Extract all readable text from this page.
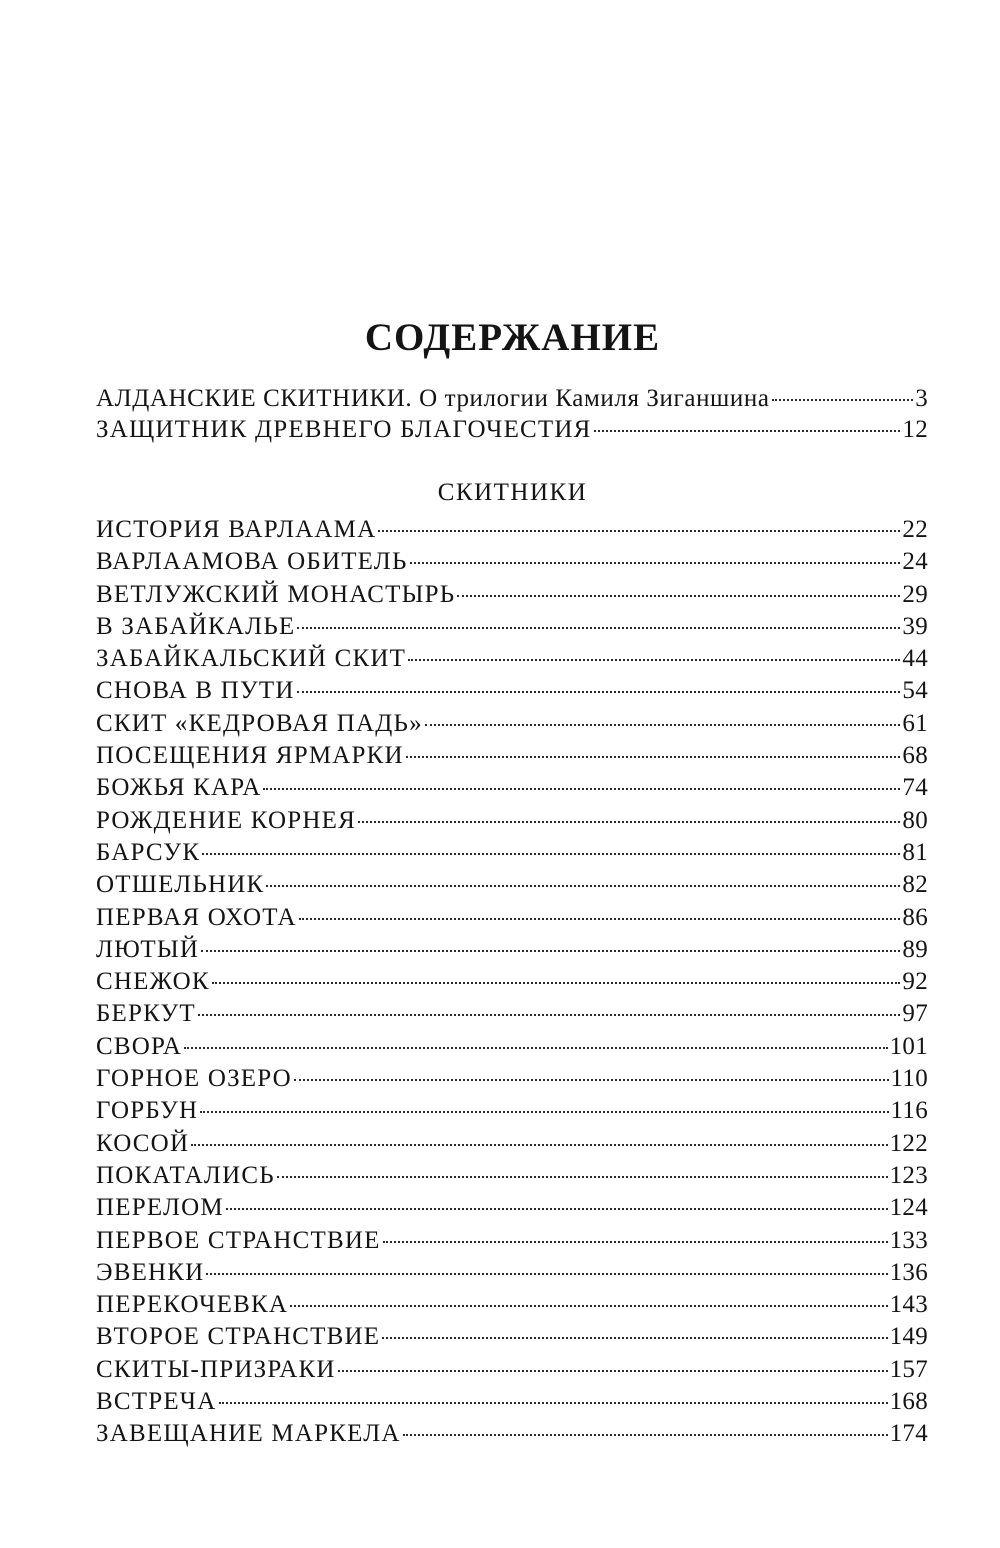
СОДЕРЖАНИЕ
АЛДАНСКИЕ СКИТНИКИ. О трилогии Камиля Зиганшина	3
ЗАЩИТНИК ДРЕВНЕГО БЛАГОЧЕСТИЯ	12
СКИТНИКИ
ИСТОРИЯ ВАРЛААМА	22
ВАРЛААМОВА ОБИТЕЛЬ	24
ВЕТЛУЖСКИЙ МОНАСТЫРЬ	29
В ЗАБАЙКАЛЬЕ	39
ЗАБАЙКАЛЬСКИЙ СКИТ	44
СНОВА В ПУТИ	54
СКИТ «КЕДРОВАЯ ПАДЬ»	61
ПОСЕЩЕНИЯ ЯРМАРКИ	68
БОЖЬЯ КАРА	74
РОЖДЕНИЕ КОРНЕЯ	80
БАРСУК	81
ОТШЕЛЬНИК	82
ПЕРВАЯ ОХОТА	86
ЛЮТЫЙ	89
СНЕЖОК	92
БЕРКУТ	97
СВОРА	101
ГОРНОЕ ОЗЕРО	110
ГОРБУН	116
КОСОЙ	122
ПОКАТАЛИСЬ	123
ПЕРЕЛОМ	124
ПЕРВОЕ СТРАНСТВИЕ	133
ЭВЕНКИ	136
ПЕРЕКОЧЕВКА	143
ВТОРОЕ СТРАНСТВИЕ	149
СКИТЫ-ПРИЗРАКИ	157
ВСТРЕЧА	168
ЗАВЕЩАНИЕ МАРКЕЛА	174
